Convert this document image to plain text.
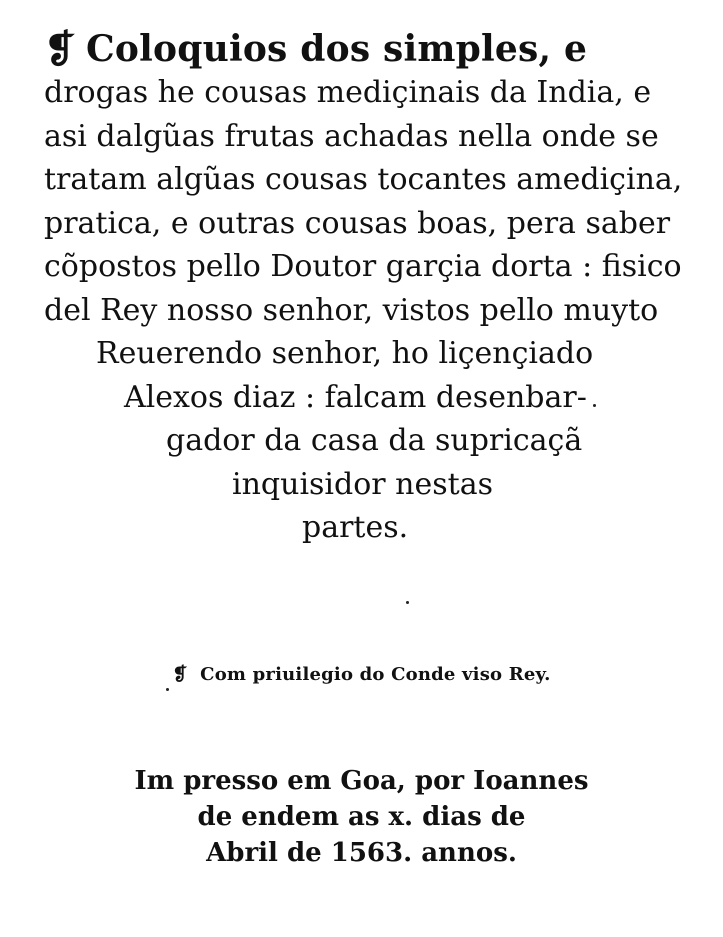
❡ Coloquios dos simples, e
drogas he cousas mediçinais da India, e
asi dalgũas frutas achadas nella onde se
tratam algũas cousas tocantes amediçina,
pratica, e outras cousas boas, pera saber
cõpostos pello Doutor garçia dorta : fisico
del Rey nosso senhor, vistos pello muyto
Reuerendo senhor, ho liçençiado
Alexos diaz : falcam desenbar-
gador da casa da supricaçã
inquisidor nestas
partes.
❡ Com priuilegio do Conde viso Rey.
Im presso em Goa, por Ioannes
de endem as x. dias de
Abril de 1563. annos.
